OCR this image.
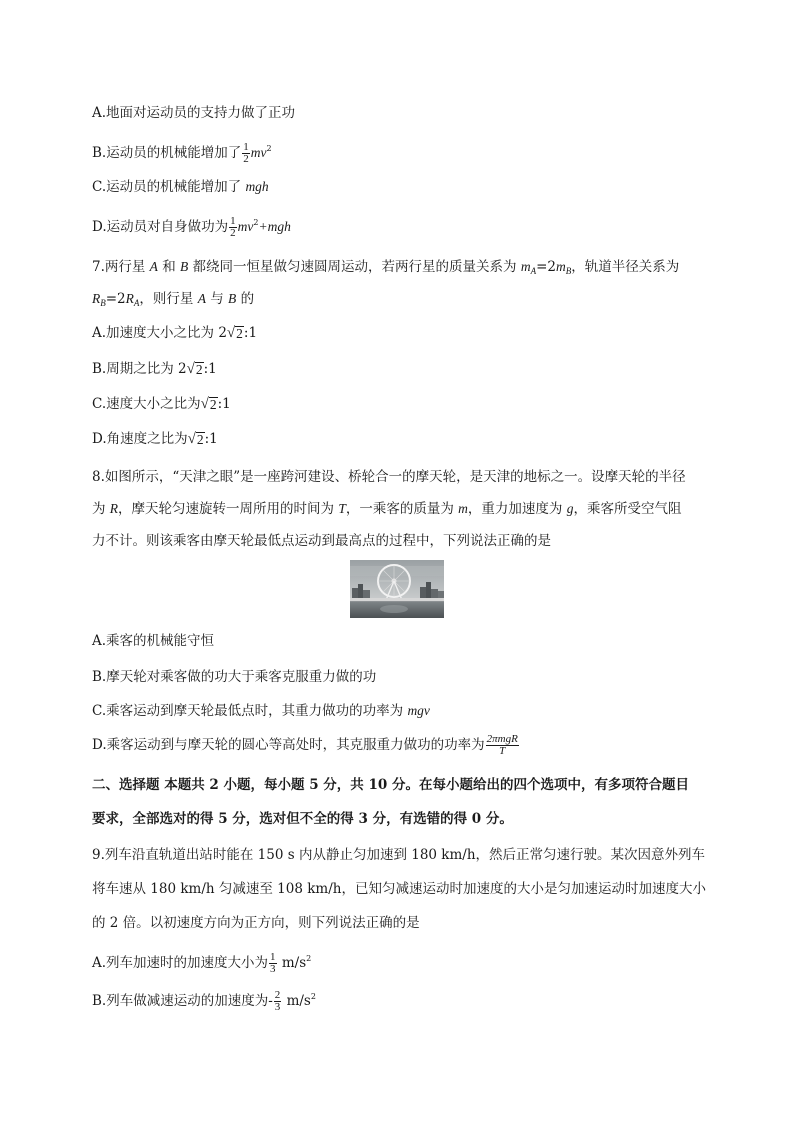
A.地面对运动员的支持力做了正功
B.运动员的机械能增加了 $\frac{1}{2} mv^2$
C.运动员的机械能增加了 mgh
D.运动员对自身做功为 $\frac{1}{2} mv^2+mgh$
7.两行星 A 和 B 都绕同一恒星做匀速圆周运动，若两行星的质量关系为 $m_A=2m_B$，轨道半径关系为
$R_B=2R_A$，则行星 A 与 B 的
A.加速度大小之比为 2 √ 2 :1
B.周期之比为 2 √ 2 :1
C.速度大小之比为 √ 2 :1
D.角速度之比为 √ 2 :1
8.如图所示，“天津之眼”是一座跨河建设、桥轮合一的摩天轮，是天津的地标之一。设摩天轮的半径
为 R，摩天轮匀速旋转一周所用的时间为 T，一乘客的质量为 m，重力加速度为 g，乘客所受空气阻
力不计。则该乘客由摩天轮最低点运动到最高点的过程中，下列说法正确的是
A.乘客的机械能守恒
B.摩天轮对乘客做的功大于乘客克服重力做的功
C.乘客运动到摩天轮最低点时，其重力做功的功率为 mgv
D.乘客运动到与摩天轮的圆心等高处时，其克服重力做功的功率为 $\frac{\text{2πmgR}}{T}$
二、选择题 本题共 2 小题，每小题 5 分，共 10 分。在每小题给出的四个选项中，有多项符合题目
要求，全部选对的得 5 分，选对但不全的得 3 分，有选错的得 0 分。
9.列车沿直轨道出站时能在 150 s 内从静止匀加速到 180 km/h，然后正常匀速行驶。某次因意外列车
将车速从 180 km/h 匀减速至 108 km/h，已知匀减速运动时加速度的大小是匀加速运动时加速度大小
的 2 倍。以初速度方向为正方向，则下列说法正确的是
A.列车加速时的加速度大小为 $\frac{1}{3} m/s^2$
B.列车做减速运动的加速度为- $\frac{2}{3} m/s^2$
